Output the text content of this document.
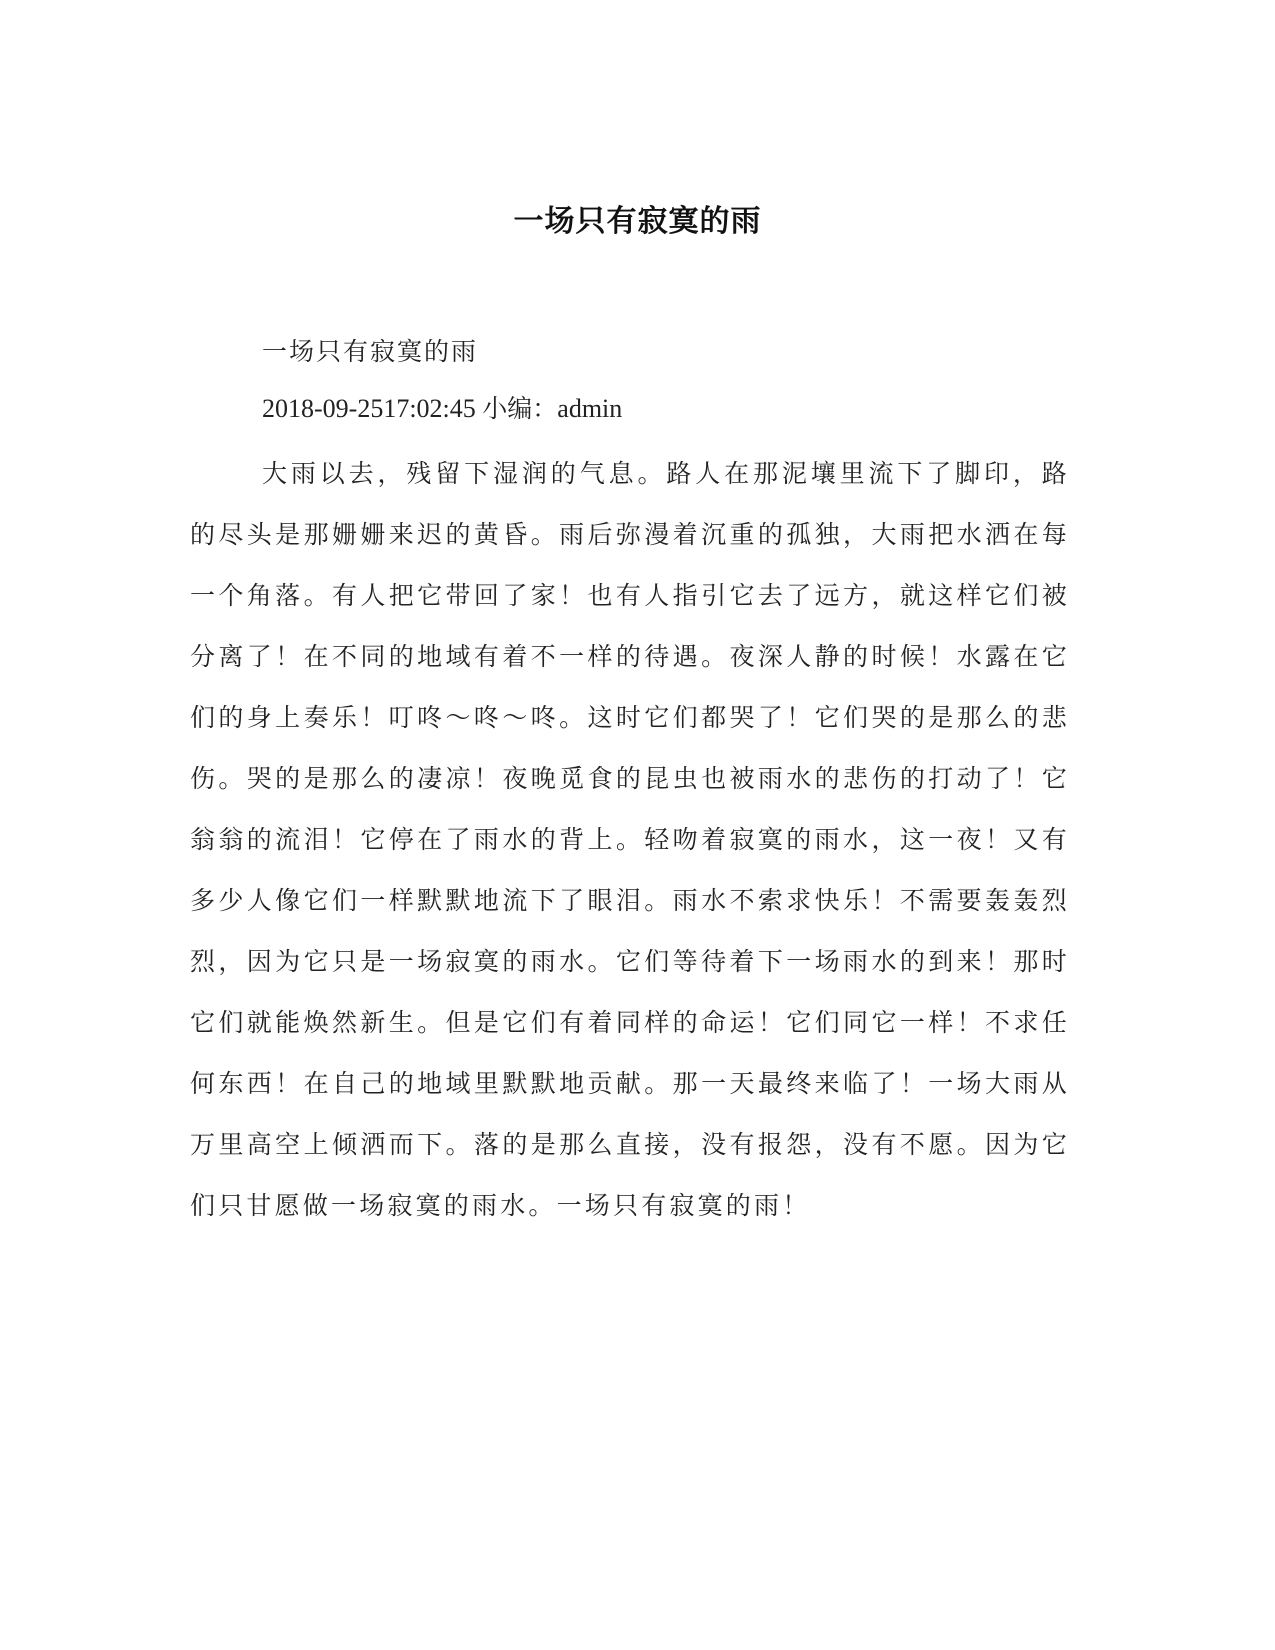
一场只有寂寞的雨
一场只有寂寞的雨
2018-09-2517:02:45 小编：admin
大雨以去，残留下湿润的气息。路人在那泥壤里流下了脚印，路的尽头是那姗姗来迟的黄昏。雨后弥漫着沉重的孤独，大雨把水洒在每一个角落。有人把它带回了家！也有人指引它去了远方，就这样它们被分离了！在不同的地域有着不一样的待遇。夜深人静的时候！水露在它们的身上奏乐！叮咚～咚～咚。这时它们都哭了！它们哭的是那么的悲伤。哭的是那么的凄凉！夜晚觅食的昆虫也被雨水的悲伤的打动了！它翁翁的流泪！它停在了雨水的背上。轻吻着寂寞的雨水，这一夜！又有多少人像它们一样默默地流下了眼泪。雨水不索求快乐！不需要轰轰烈烈，因为它只是一场寂寞的雨水。它们等待着下一场雨水的到来！那时它们就能焕然新生。但是它们有着同样的命运！它们同它一样！不求任何东西！在自己的地域里默默地贡献。那一天最终来临了！一场大雨从万里高空上倾洒而下。落的是那么直接，没有报怨，没有不愿。因为它们只甘愿做一场寂寞的雨水。一场只有寂寞的雨！
